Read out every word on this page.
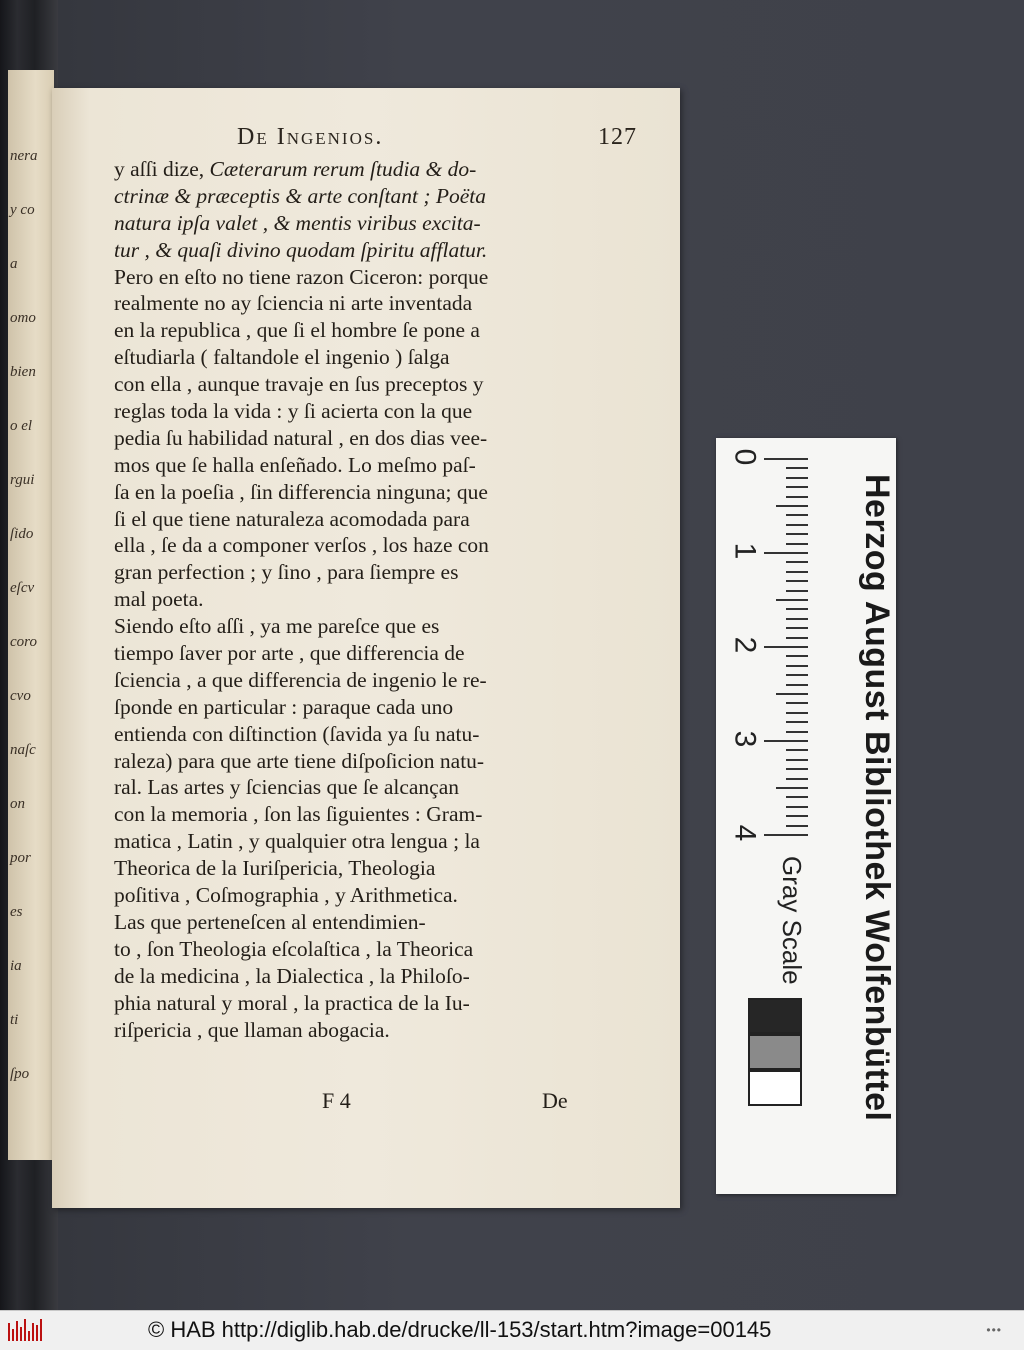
nera
y co
a
omo
bien
o el
rgui
ſido
eſcv
coro
cvo
naſc
on
por
es
ia
ti
ſpo
De Ingenios.	127
y aſſi dize, Cæterarum rerum ſtudia & do-
ctrinæ & præceptis & arte conſtant ; Poëta
natura ipſa valet , & mentis viribus excita-
tur , & quaſi divino quodam ſpiritu afflatur.
Pero en eſto no tiene razon Ciceron: porque
realmente no ay ſciencia ni arte inventada
en la republica , que ſi el hombre ſe pone a
eſtudiarla ( faltandole el ingenio ) ſalga
con ella , aunque travaje en ſus preceptos y
reglas toda la vida : y ſi acierta con la que
pedia ſu habilidad natural , en dos dias vee-
mos que ſe halla enſeñado. Lo meſmo paſ-
ſa en la poeſia , ſin differencia ninguna; que
ſi el que tiene naturaleza acomodada para
ella , ſe da a componer verſos , los haze con
gran perfection ; y ſino , para ſiempre es
mal poeta.
Siendo eſto aſſi , ya me pareſce que es
tiempo ſaver por arte , que differencia de
ſciencia , a que differencia de ingenio le re-
ſponde en particular : paraque cada uno
entienda con diſtinction (ſavida ya ſu natu-
raleza) para que arte tiene diſpoſicion natu-
ral. Las artes y ſciencias que ſe alcançan
con la memoria , ſon las ſiguientes : Gram-
matica , Latin , y qualquier otra lengua ; la
Theorica de la Iuriſpericia, Theologia
poſitiva , Coſmographia , y Arithmetica.
Las que perteneſcen al entendimien-
to , ſon Theologia eſcolaſtica , la Theorica
de la medicina , la Dialectica , la Philoſo-
phia natural y moral , la practica de la Iu-
riſpericia , que llaman abogacia.
F 4	De
0
1
2
3
4	Herzog August Bibliothek Wolfenbüttel
Gray Scale
© HAB http://diglib.hab.de/drucke/ll-153/start.htm?image=00145	•••
